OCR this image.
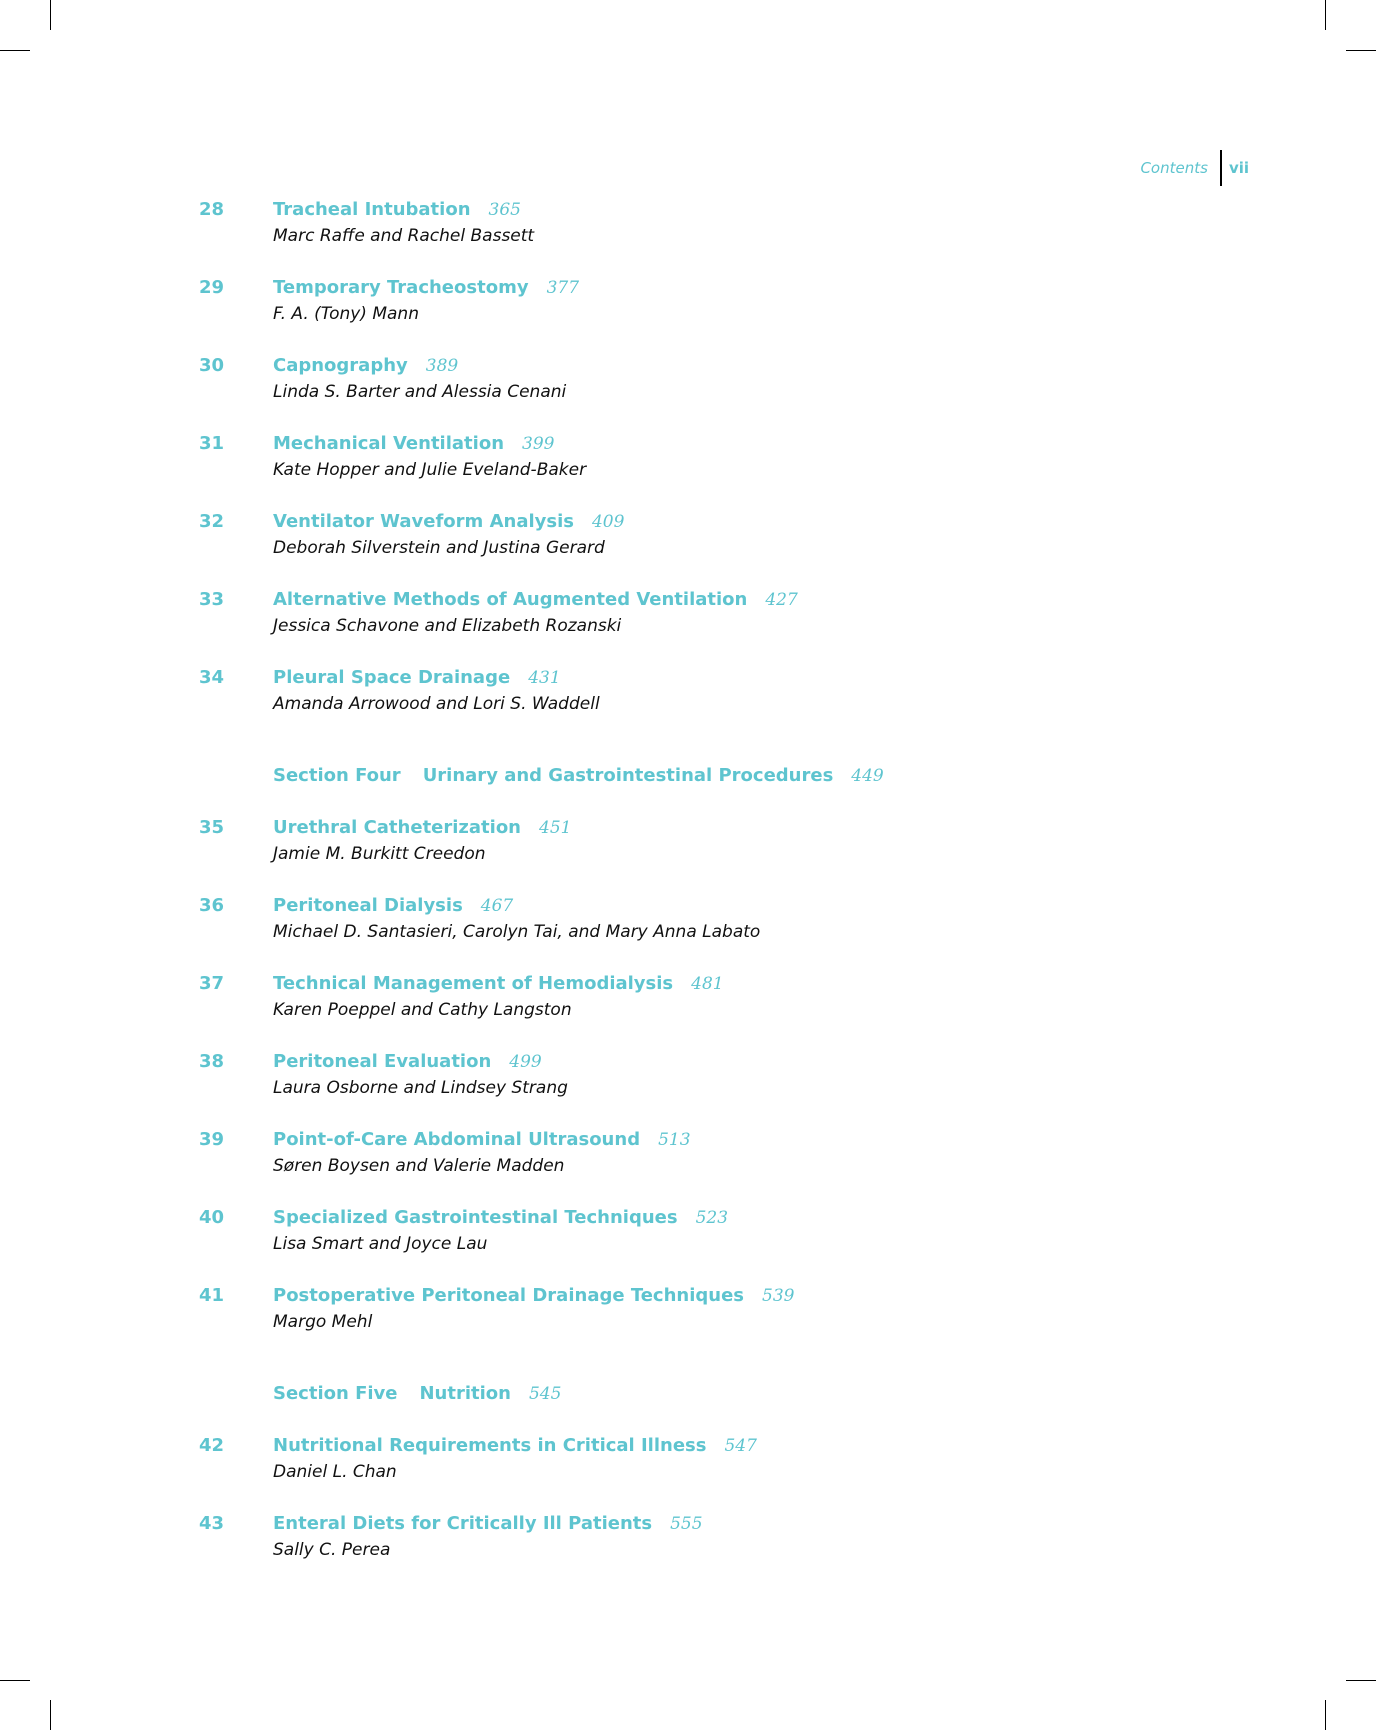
Contents vii
28	Tracheal Intubation 365
Marc Raffe and Rachel Bassett
29	Temporary Tracheostomy 377
F. A. (Tony) Mann
30	Capnography 389
Linda S. Barter and Alessia Cenani
31	Mechanical Ventilation 399
Kate Hopper and Julie Eveland-Baker
32	Ventilator Waveform Analysis 409
Deborah Silverstein and Justina Gerard
33	Alternative Methods of Augmented Ventilation 427
Jessica Schavone and Elizabeth Rozanski
34	Pleural Space Drainage 431
Amanda Arrowood and Lori S. Waddell
Section Four Urinary and Gastrointestinal Procedures 449
35	Urethral Catheterization 451
Jamie M. Burkitt Creedon
36	Peritoneal Dialysis 467
Michael D. Santasieri, Carolyn Tai, and Mary Anna Labato
37	Technical Management of Hemodialysis 481
Karen Poeppel and Cathy Langston
38	Peritoneal Evaluation 499
Laura Osborne and Lindsey Strang
39	Point-of-Care Abdominal Ultrasound 513
Søren Boysen and Valerie Madden
40	Specialized Gastrointestinal Techniques 523
Lisa Smart and Joyce Lau
41	Postoperative Peritoneal Drainage Techniques 539
Margo Mehl
Section Five Nutrition 545
42	Nutritional Requirements in Critical Illness 547
Daniel L. Chan
43	Enteral Diets for Critically Ill Patients 555
Sally C. Perea
